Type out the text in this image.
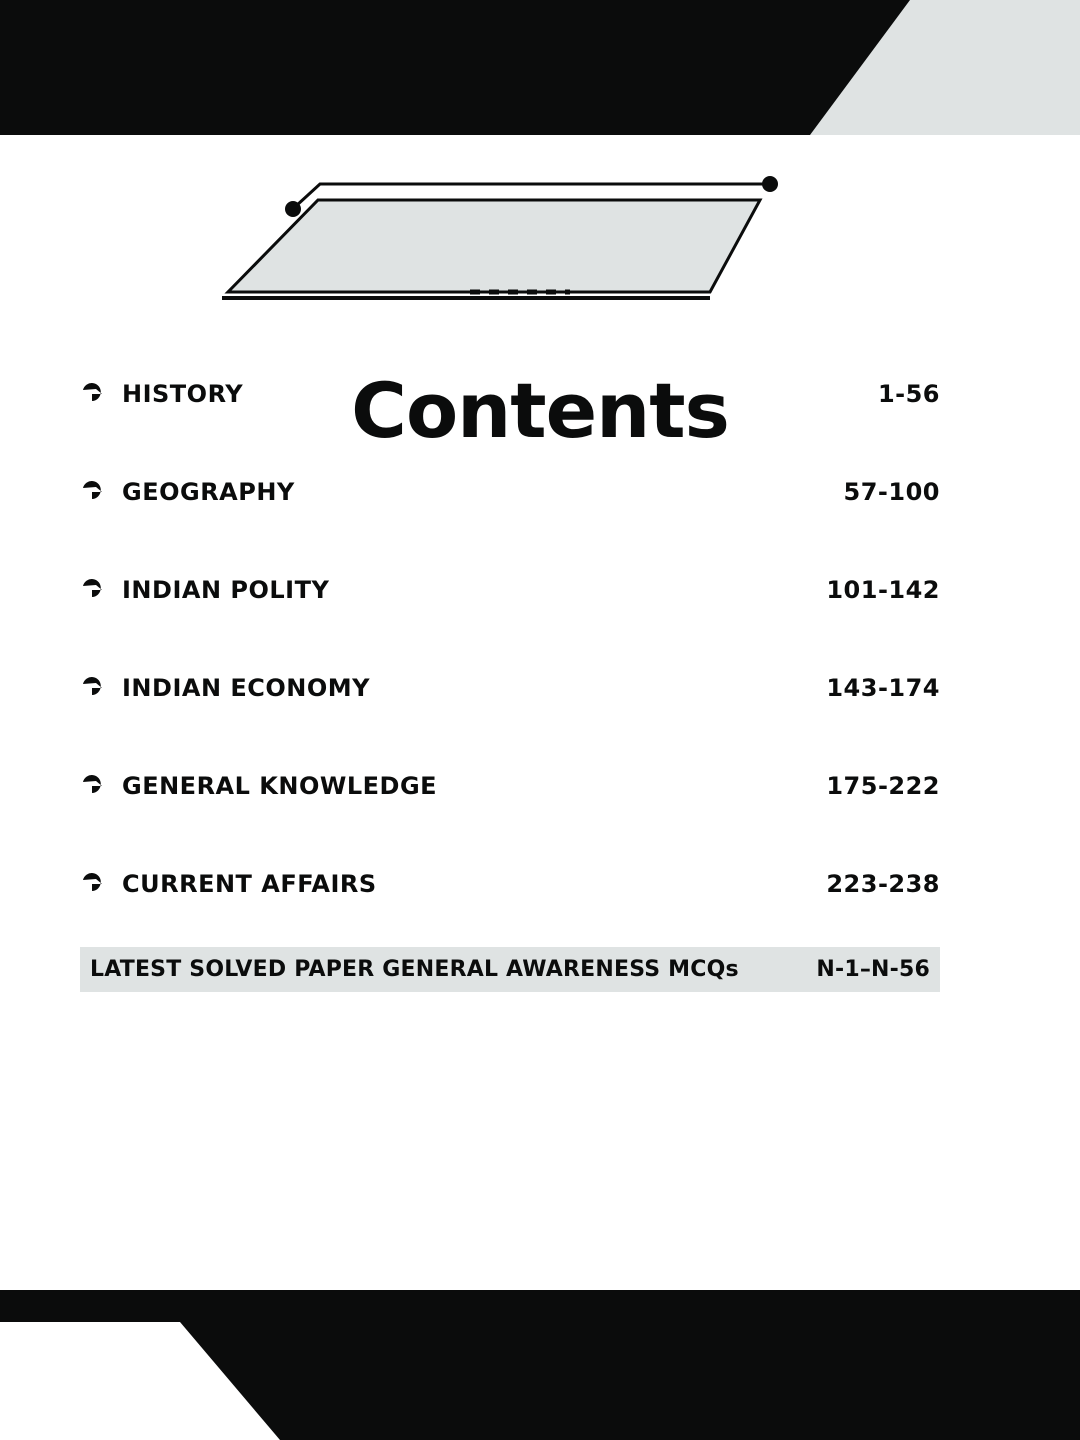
Contents
HISTORY	1-56
GEOGRAPHY	57-100
INDIAN POLITY	101-142
INDIAN ECONOMY	143-174
GENERAL KNOWLEDGE	175-222
CURRENT AFFAIRS	223-238
LATEST SOLVED PAPER GENERAL AWARENESS MCQs	N-1–N-56
